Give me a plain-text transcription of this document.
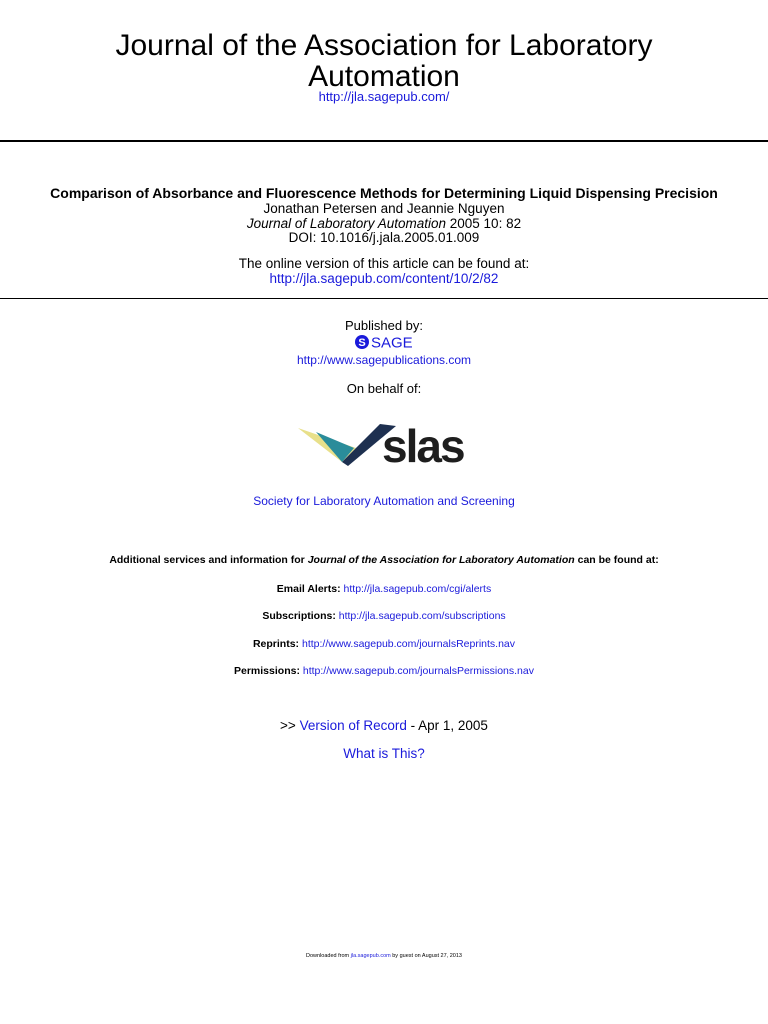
Journal of the Association for Laboratory
Automation
http://jla.sagepub.com/
Comparison of Absorbance and Fluorescence Methods for Determining Liquid Dispensing Precision
Jonathan Petersen and Jeannie Nguyen
Journal of Laboratory Automation 2005 10: 82
DOI: 10.1016/j.jala.2005.01.009
The online version of this article can be found at:
http://jla.sagepub.com/content/10/2/82
Published by:
S SAGE
http://www.sagepublications.com
On behalf of:
slas
Society for Laboratory Automation and Screening
Additional services and information for Journal of the Association for Laboratory Automation can be found at:
Email Alerts: http://jla.sagepub.com/cgi/alerts
Subscriptions: http://jla.sagepub.com/subscriptions
Reprints: http://www.sagepub.com/journalsReprints.nav
Permissions: http://www.sagepub.com/journalsPermissions.nav
>> Version of Record - Apr 1, 2005
What is This?
Downloaded from jla.sagepub.com by guest on August 27, 2013
